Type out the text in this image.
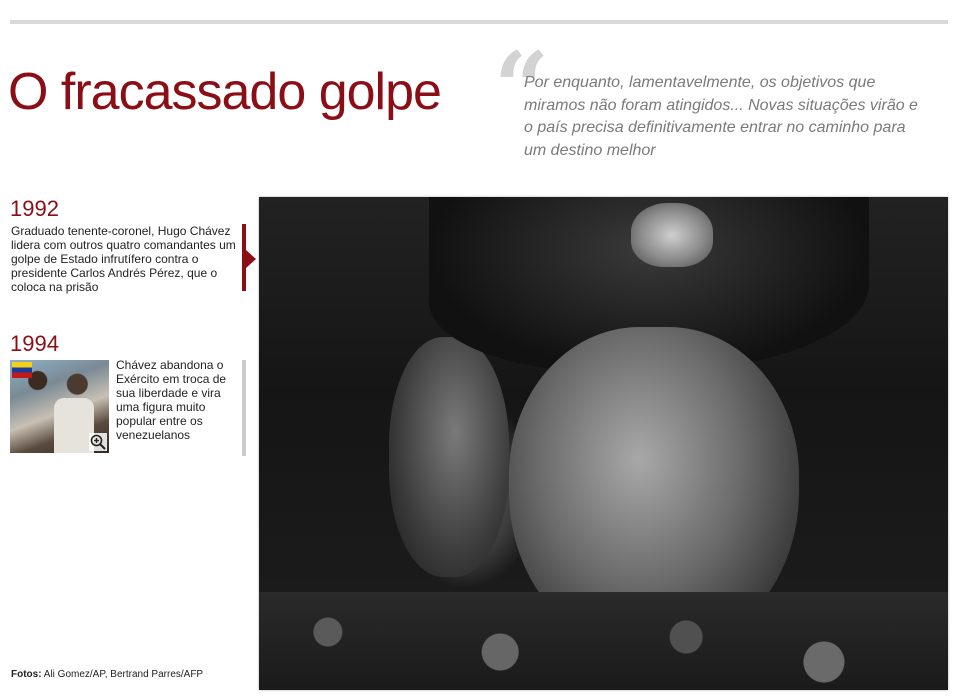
O fracassado golpe “
Por enquanto, lamentavelmente, os objetivos que miramos não foram atingidos... Novas situações virão e o país precisa definitivamente entrar no caminho para um destino melhor
1992
Graduado tenente-coronel, Hugo Chávez lidera com outros quatro comandantes um golpe de Estado infrutífero contra o presidente Carlos Andrés Pérez, que o coloca na prisão
1994
Chávez abandona o Exército em troca de sua liberdade e vira uma figura muito popular entre os venezuelanos
Fotos: Ali Gomez/AP, Bertrand Parres/AFP
